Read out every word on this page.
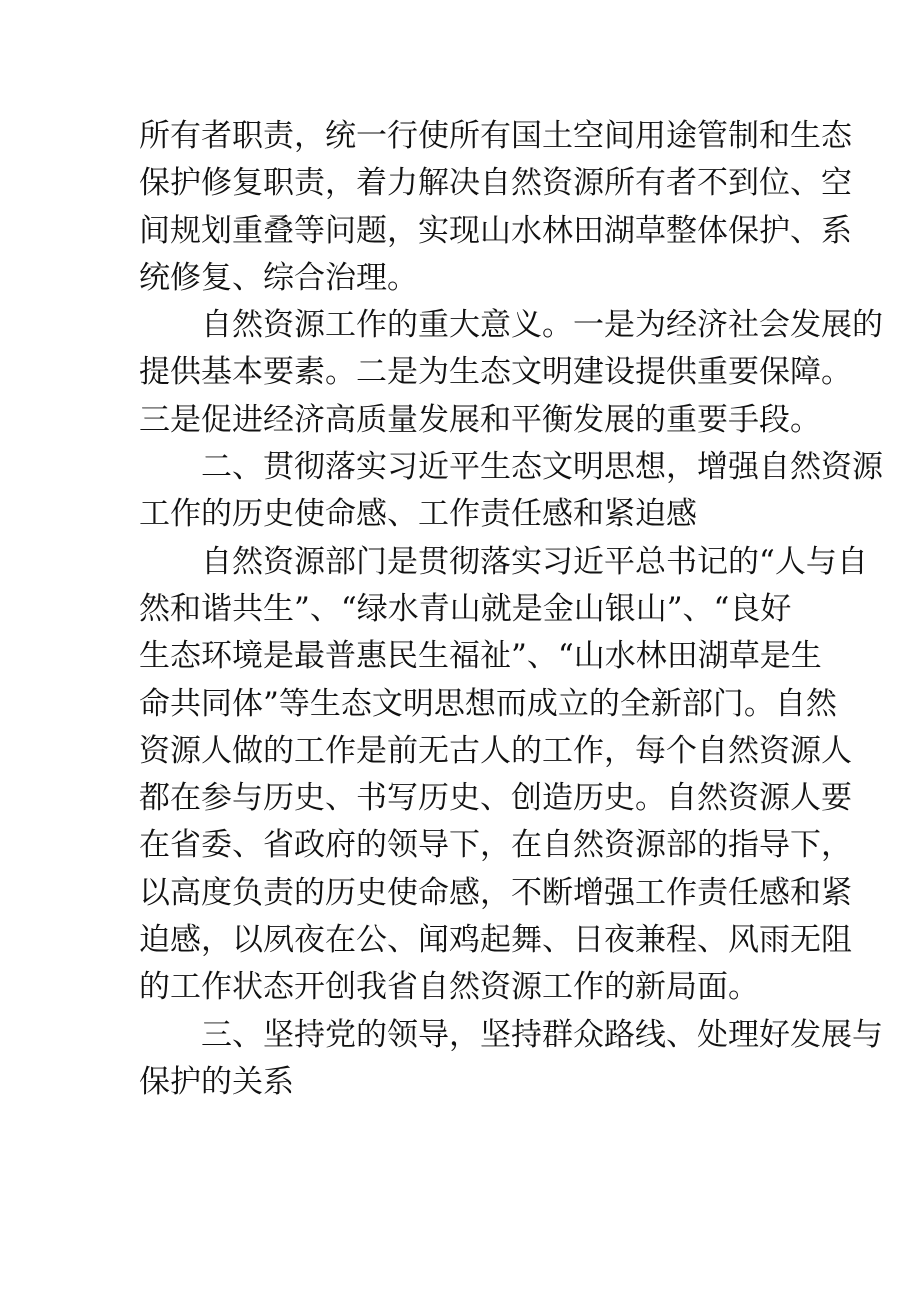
所有者职责，统一行使所有国土空间用途管制和生态
保护修复职责，着力解决自然资源所有者不到位、空
间规划重叠等问题，实现山水林田湖草整体保护、系
统修复、综合治理。
　　自然资源工作的重大意义。一是为经济社会发展的
提供基本要素。二是为生态文明建设提供重要保障。
三是促进经济高质量发展和平衡发展的重要手段。
　　二、贯彻落实习近平生态文明思想，增强自然资源
工作的历史使命感、工作责任感和紧迫感
　　自然资源部门是贯彻落实习近平总书记的“人与自
然和谐共生”、“绿水青山就是金山银山”、“良好
生态环境是最普惠民生福祉”、“山水林田湖草是生
命共同体”等生态文明思想而成立的全新部门。自然
资源人做的工作是前无古人的工作，每个自然资源人
都在参与历史、书写历史、创造历史。自然资源人要
在省委、省政府的领导下，在自然资源部的指导下，
以高度负责的历史使命感，不断增强工作责任感和紧
迫感，以夙夜在公、闻鸡起舞、日夜兼程、风雨无阻
的工作状态开创我省自然资源工作的新局面。
　　三、坚持党的领导，坚持群众路线、处理好发展与
保护的关系
